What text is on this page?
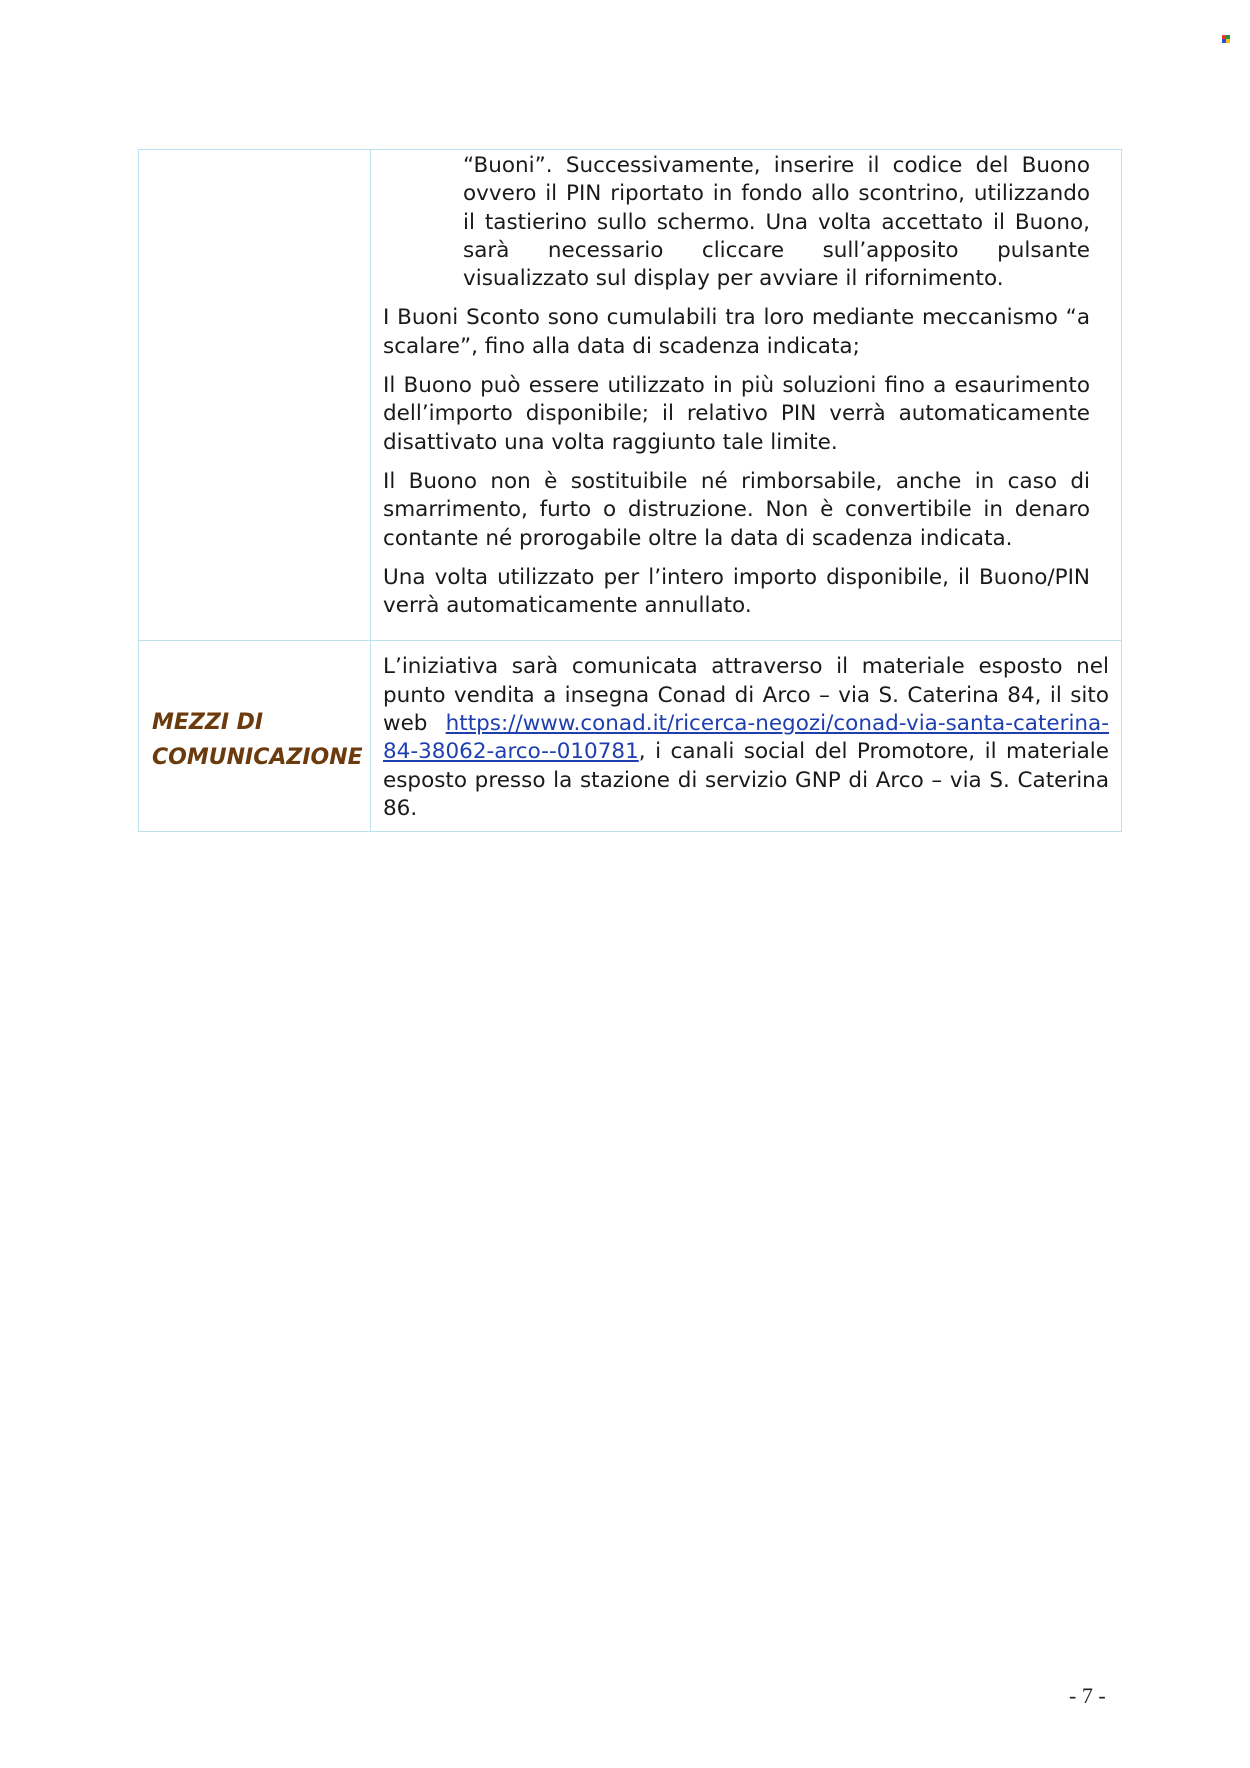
	“Buoni”. Successivamente, inserire il codice del Buono ovvero il PIN riportato in fondo allo scontrino, utilizzando il tastierino sullo schermo. Una volta accettato il Buono, sarà necessario cliccare sull’apposito pulsante visualizzato sul display per avviare il rifornimento.

I Buoni Sconto sono cumulabili tra loro mediante meccanismo “a scalare”, fino alla data di scadenza indicata;

Il Buono può essere utilizzato in più soluzioni fino a esaurimento dell’importo disponibile; il relativo PIN verrà automaticamente disattivato una volta raggiunto tale limite.

Il Buono non è sostituibile né rimborsabile, anche in caso di smarrimento, furto o distruzione. Non è convertibile in denaro contante né prorogabile oltre la data di scadenza indicata.

Una volta utilizzato per l’intero importo disponibile, il Buono/PIN verrà automaticamente annullato.

MEZZI DI
COMUNICAZIONE	L’iniziativa sarà comunicata attraverso il materiale esposto nel punto vendita a insegna Conad di Arco – via S. Caterina 84, il sito web https://www.conad.it/ricerca-negozi/conad-via-santa-caterina-84-38062-arco--010781, i canali social del Promotore, il materiale esposto presso la stazione di servizio GNP di Arco – via S. Caterina 86.

- 7 -
